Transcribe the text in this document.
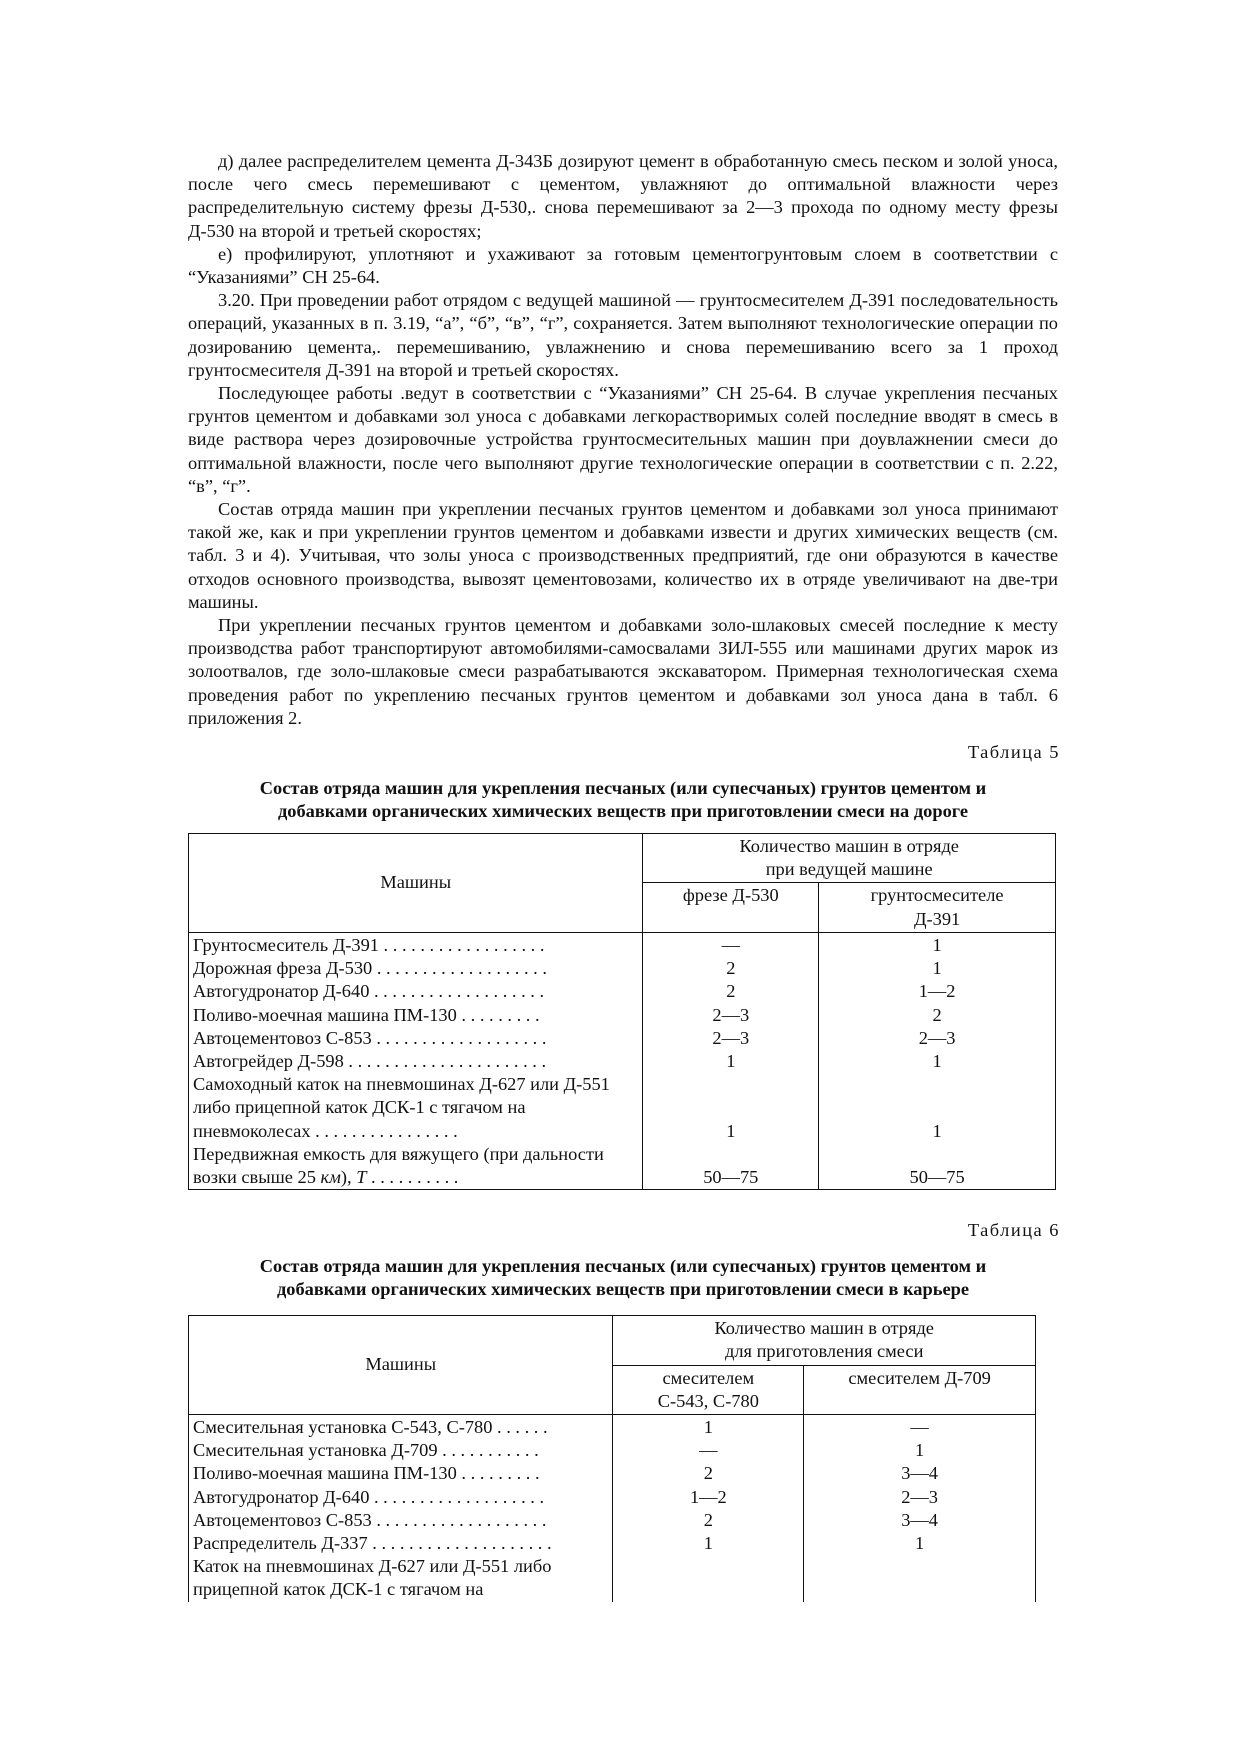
д) далее распределителем цемента Д-343Б дозируют цемент в обработанную смесь песком и золой уноса, после чего смесь перемешивают с цементом, увлажняют до оптимальной влажности через распределительную систему фрезы Д-530,. снова перемешивают за 2—3 прохода по одному месту фрезы Д-530 на второй и третьей скоростях;

е) профилируют, уплотняют и ухаживают за готовым цементогрунтовым слоем в соответствии с “Указаниями” СН 25-64.

3.20. При проведении работ отрядом с ведущей машиной — грунтосмесителем Д-391 последовательность операций, указанных в п. 3.19, “а”, “б”, “в”, “г”, сохраняется. Затем выполняют технологические операции по дозированию цемента,. перемешиванию, увлажнению и снова перемешиванию всего за 1 проход грунтосмесителя Д-391 на второй и третьей скоростях.

Последующее работы .ведут в соответствии с “Указаниями” СН 25-64. В случае укрепления песчаных грунтов цементом и добавками зол уноса с добавками легкорастворимых солей последние вводят в смесь в виде раствора через дозировочные устройства грунтосмесительных машин при доувлажнении смеси до оптимальной влажности, после чего выполняют другие технологические операции в соответствии с п. 2.22, “в”, “г”.

Состав отряда машин при укреплении песчаных грунтов цементом и добавками зол уноса принимают такой же, как и при укреплении грунтов цементом и добавками извести и других химических веществ (см. табл. 3 и 4). Учитывая, что золы уноса с производственных предприятий, где они образуются в качестве отходов основного производства, вывозят цементовозами, количество их в отряде увеличивают на две-три машины.

При укреплении песчаных грунтов цементом и добавками золо-шлаковых смесей последние к месту производства работ транспортируют автомобилями-самосвалами ЗИЛ-555 или машинами других марок из золоотвалов, где золо-шлаковые смеси разрабатываются экскаватором. Примерная технологическая схема проведения работ по укреплению песчаных грунтов цементом и добавками зол уноса дана в табл. 6 приложения 2.

Таблица 5
Состав отряда машин для укрепления песчаных (или супесчаных) грунтов цементом и
добавками органических химических веществ при приготовлении смеси на дороге
Машины	Количество машин в отряде
при ведущей машине	

	фрезе Д-530	грунтосмесителе
Д-391

Грунтосмеситель Д-391 . . . . . . . . . . . . . . . . . .	—	1
Дорожная фреза Д-530 . . . . . . . . . . . . . . . . . . .	2	1
Автогудронатор Д-640 . . . . . . . . . . . . . . . . . . .	2	1—2
Поливо-моечная машина ПМ-130 . . . . . . . . .	2—3	2
Автоцементовоз С-853 . . . . . . . . . . . . . . . . . . .	2—3	2—3
Автогрейдер Д-598 . . . . . . . . . . . . . . . . . . . . . .	1	1
Самоходный каток на пневмошинах Д-627 или Д-551 либо прицепной каток ДСК-1 с тягачом на пневмоколесах . . . . . . . . . . . . . . . .	1	1
Передвижная емкость для вяжущего (при дальности возки свыше 25 км), Т . . . . . . . . . .	50—75	50—75
Таблица 6
Состав отряда машин для укрепления песчаных (или супесчаных) грунтов цементом и
добавками органических химических веществ при приготовлении смеси в карьере
Машины	Количество машин в отряде
для приготовления смеси	

	смесителем
С-543, С-780	смесителем Д-709
Смесительная установка С-543, С-780 . . . . . .	1	—
Смесительная установка Д-709 . . . . . . . . . . .	—	1
Поливо-моечная машина ПМ-130 . . . . . . . . .	2	3—4
Автогудронатор Д-640 . . . . . . . . . . . . . . . . . . .	1—2	2—3
Автоцементовоз С-853 . . . . . . . . . . . . . . . . . . .	2	3—4
Распределитель Д-337 . . . . . . . . . . . . . . . . . . . .	1	1
Каток на пневмошинах Д-627 или Д-551 либо прицепной каток ДСК-1 с тягачом на		
